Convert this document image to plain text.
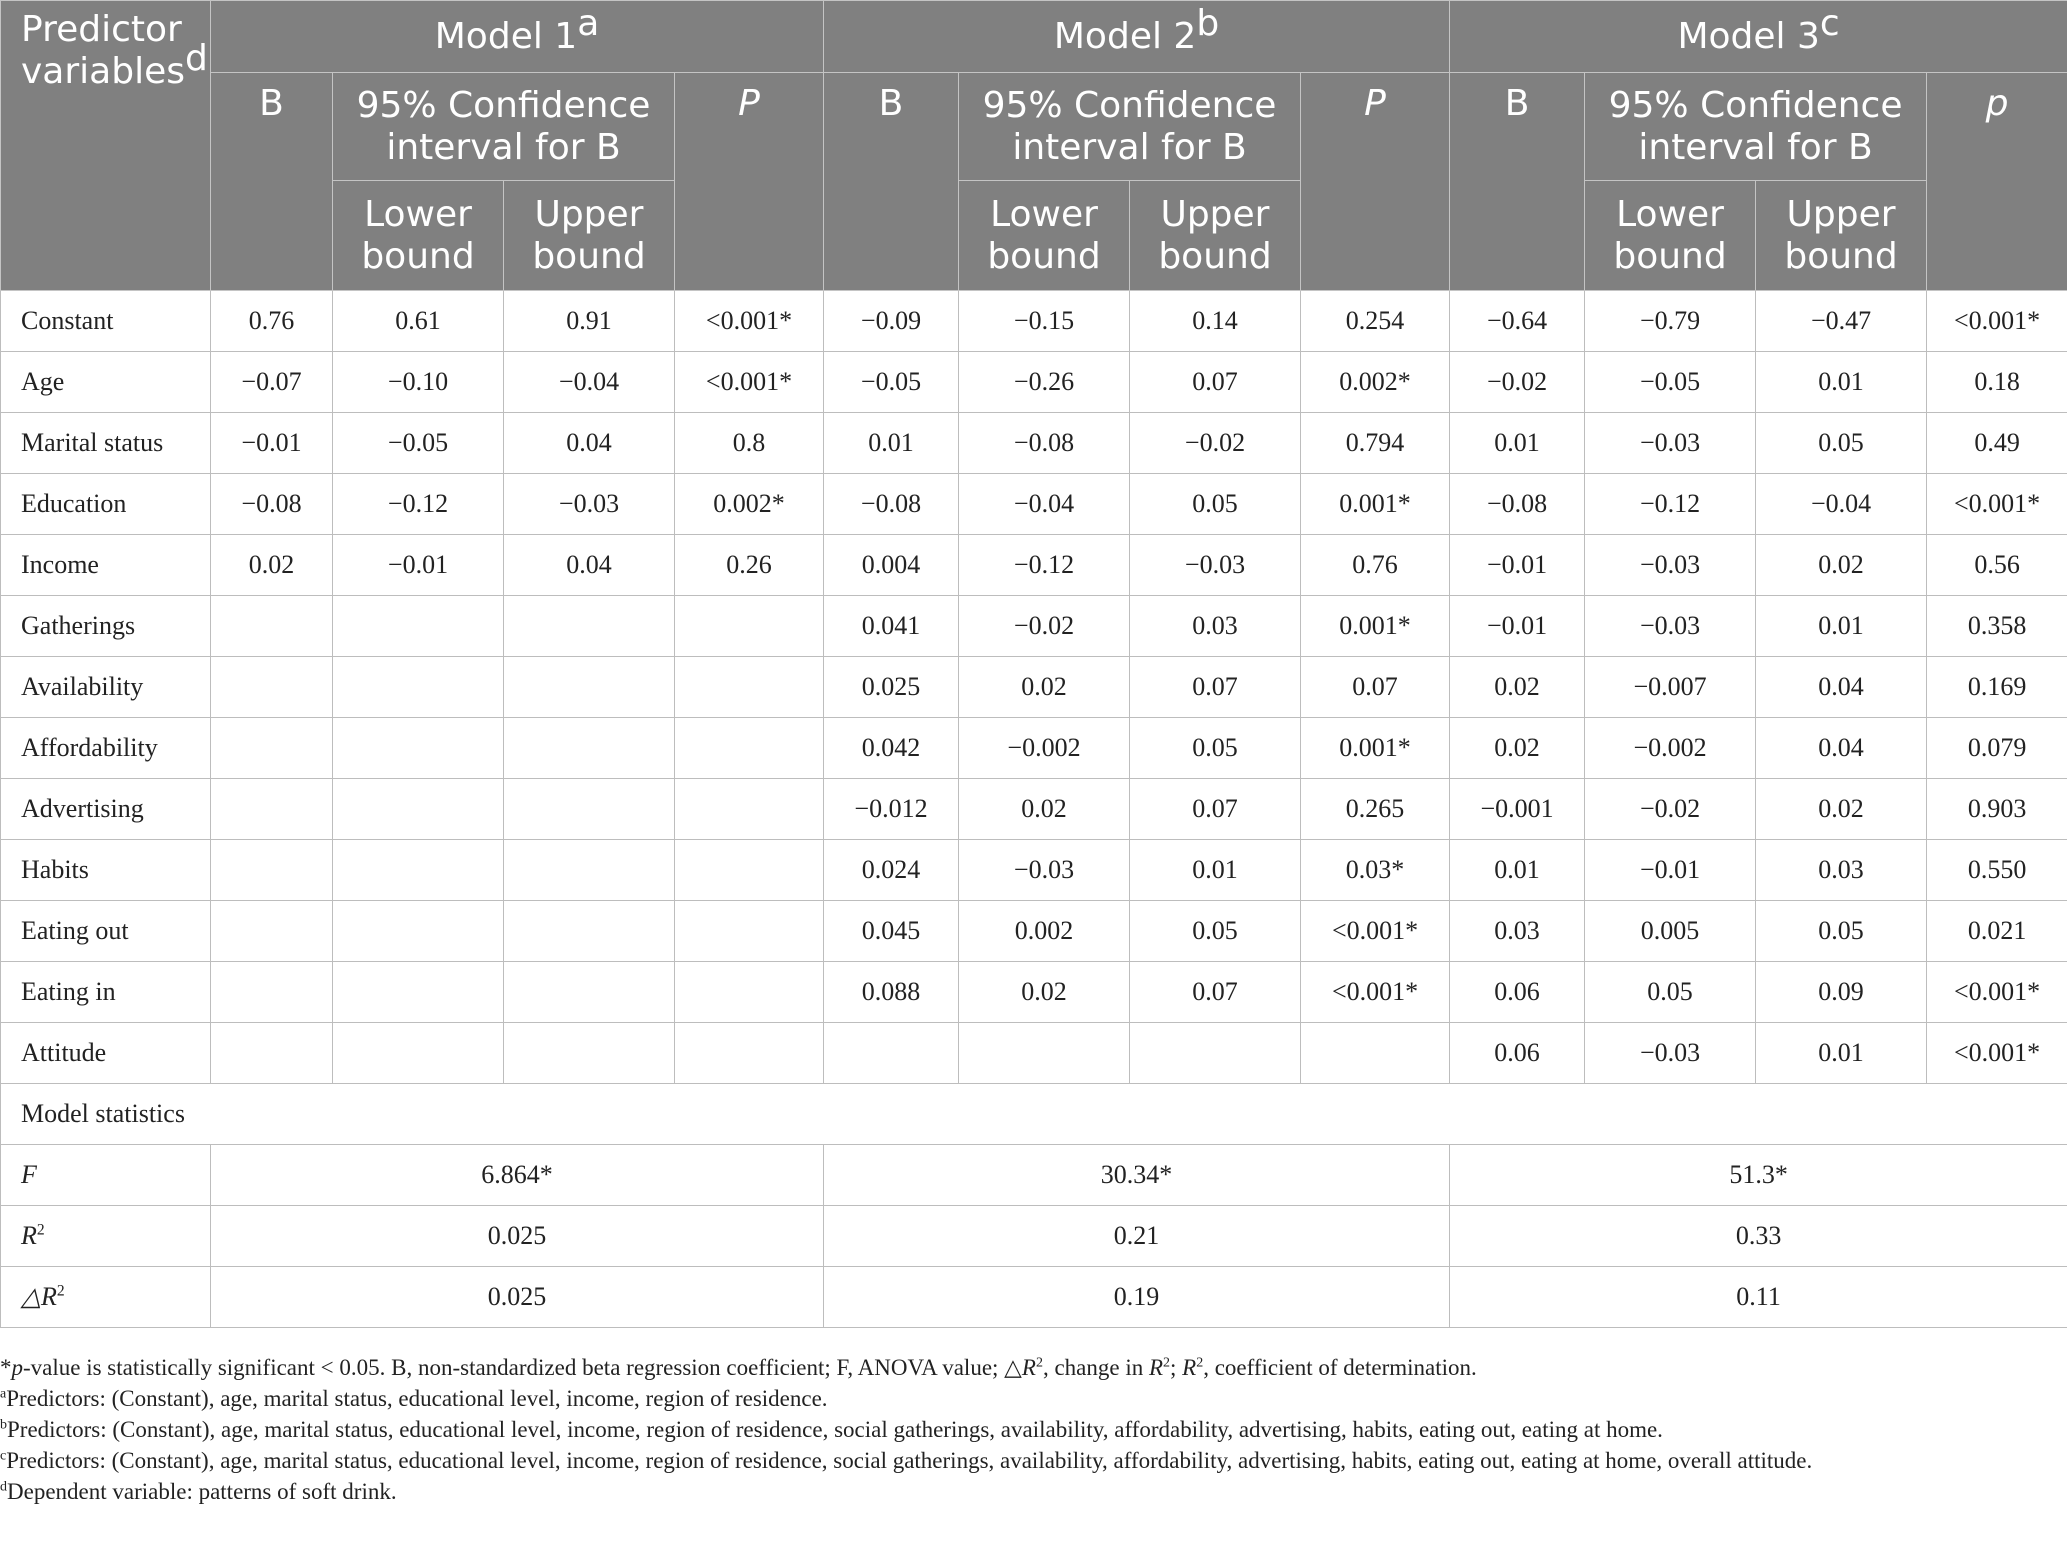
Predictor variables$^d$	Model 1$^a$				Model 2$^b$				Model 3$^c$
	B	95% Confidence interval for B		P	B	95% Confidence interval for B		P	B	95% Confidence interval for B		p
		Lower bound	Upper bound			Lower bound	Upper bound			Lower bound	Upper bound	
Constant	0.76	0.61	0.91	<0.001*	−0.09	−0.15	0.14	0.254	−0.64	−0.79	−0.47	<0.001*
Age	−0.07	−0.10	−0.04	<0.001*	−0.05	−0.26	0.07	0.002*	−0.02	−0.05	0.01	0.18
Marital status	−0.01	−0.05	0.04	0.8	0.01	−0.08	−0.02	0.794	0.01	−0.03	0.05	0.49
Education	−0.08	−0.12	−0.03	0.002*	−0.08	−0.04	0.05	0.001*	−0.08	−0.12	−0.04	<0.001*
Income	0.02	−0.01	0.04	0.26	0.004	−0.12	−0.03	0.76	−0.01	−0.03	0.02	0.56
Gatherings					0.041	−0.02	0.03	0.001*	−0.01	−0.03	0.01	0.358
Availability					0.025	0.02	0.07	0.07	0.02	−0.007	0.04	0.169
Affordability					0.042	−0.002	0.05	0.001*	0.02	−0.002	0.04	0.079
Advertising					−0.012	0.02	0.07	0.265	−0.001	−0.02	0.02	0.903
Habits					0.024	−0.03	0.01	0.03*	0.01	−0.01	0.03	0.550
Eating out					0.045	0.002	0.05	<0.001*	0.03	0.005	0.05	0.021
Eating in					0.088	0.02	0.07	<0.001*	0.06	0.05	0.09	<0.001*
Attitude									0.06	−0.03	0.01	<0.001*
Model statistics												
F	6.864*				30.34*				51.3*			
$R^2$	0.025				0.21				0.33			
$\triangle R^2$	0.025				0.19				0.11			

*p-value is statistically significant < 0.05. B, non-standardized beta regression coefficient; F, ANOVA value; $\triangle R^2$, change in $R^2$; $R^2$, coefficient of determination.

$^a$Predictors: (Constant), age, marital status, educational level, income, region of residence.

$^b$Predictors: (Constant), age, marital status, educational level, income, region of residence, social gatherings, availability, affordability, advertising, habits, eating out, eating at home.

$^c$Predictors: (Constant), age, marital status, educational level, income, region of residence, social gatherings, availability, affordability, advertising, habits, eating out, eating at home, overall attitude.

$^d$Dependent variable: patterns of soft drink.
